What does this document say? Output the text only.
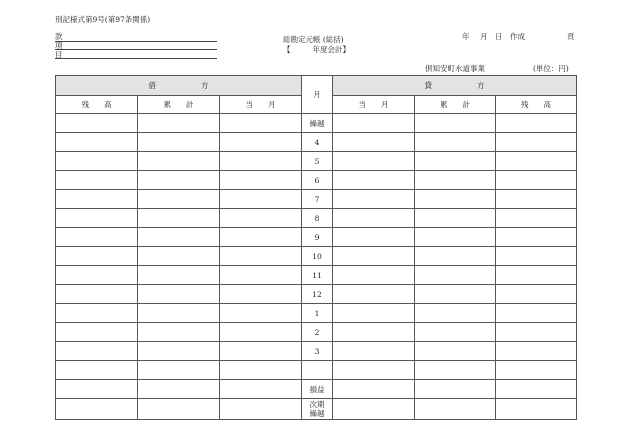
別記様式第9号(第97条関係)
款
項
目
総勘定元帳 (総括)
【	年度会計】
年 月 日 作成	頁
倶知安町水道事業	(単位：円)
借　　　　　　方			月	貸　　　　　　方		
残　　高	累　　計	当　　月		当　　月	累　　計	残　　高
			繰越			
			4			
			5			
			6			
			7			
			8			
			9			
			10			
			11			
			12			
			1			
			2			
			3			

			損益			

			次期
繰越			
